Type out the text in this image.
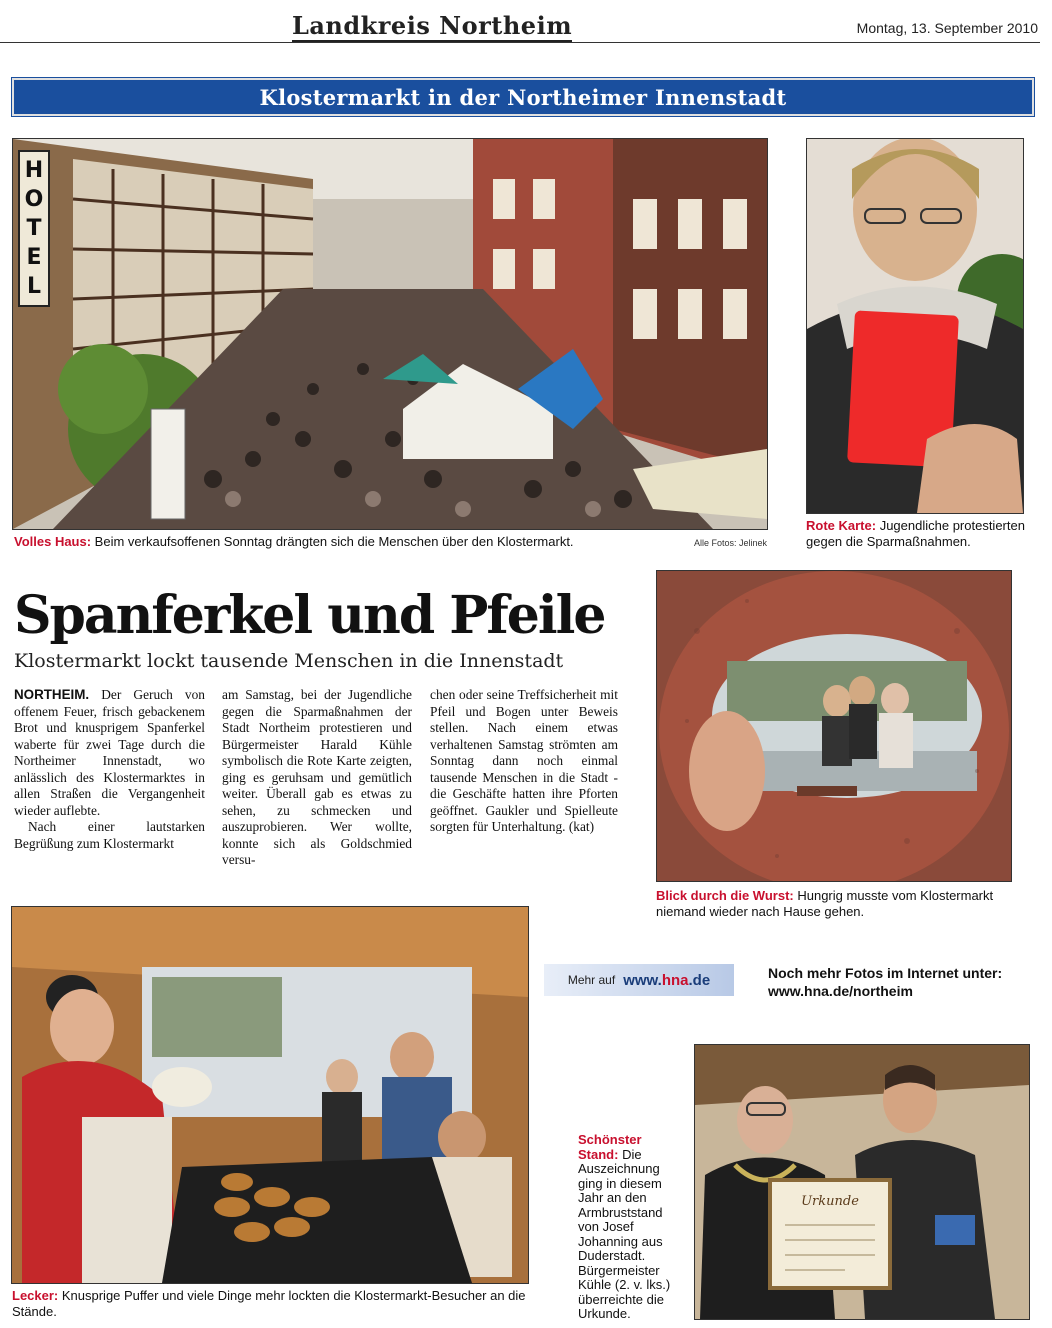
Landkreis Northeim	Montag, 13. September 2010
Klostermarkt in der Northeimer Innenstadt
H
O
T
E
L
Volles Haus: Beim verkaufsoffenen Sonntag drängten sich die Menschen über den Klostermarkt.	Alle Fotos: Jelinek
Rote Karte: Jugendliche protestierten gegen die Sparmaßnahmen.
Spanferkel und Pfeile
Klostermarkt lockt tausende Menschen in die Innenstadt

NORTHEIM. Der Geruch von offenem Feuer, frisch gebackenem Brot und knusprigem Spanferkel waberte für zwei Tage durch die Northeimer Innenstadt, wo anlässlich des Klostermarktes in allen Straßen die Vergangenheit wieder auflebte.

Nach einer lautstarken Begrüßung zum Klostermarkt

am Samstag, bei der Jugendliche gegen die Sparmaßnahmen der Stadt Northeim protestieren und Bürgermeister Harald Kühle symbolisch die Rote Karte zeigten, ging es geruhsam und gemütlich weiter. Überall gab es etwas zu sehen, zu schmecken und auszuprobieren. Wer wollte, konnte sich als Goldschmied versu-

chen oder seine Treffsicherheit mit Pfeil und Bogen unter Beweis stellen. Nach einem etwas verhaltenen Samstag strömten am Sonntag dann noch einmal tausende Menschen in die Stadt - die Geschäfte hatten ihre Pforten geöffnet. Gaukler und Spielleute sorgten für Unterhaltung. (kat)

Blick durch die Wurst: Hungrig musste vom Klostermarkt niemand wieder nach Hause gehen.
Lecker: Knusprige Puffer und viele Dinge mehr lockten die Klostermarkt-Besucher an die Stände.
Mehr auf www.hna.de	Noch mehr Fotos im Internet unter:
www.hna.de/northeim
Schönster Stand: Die Auszeichnung ging in diesem Jahr an den Armbruststand von Josef Johanning aus Duderstadt. Bürgermeister Kühle (2. v. lks.) überreichte die Urkunde.
Urkunde
